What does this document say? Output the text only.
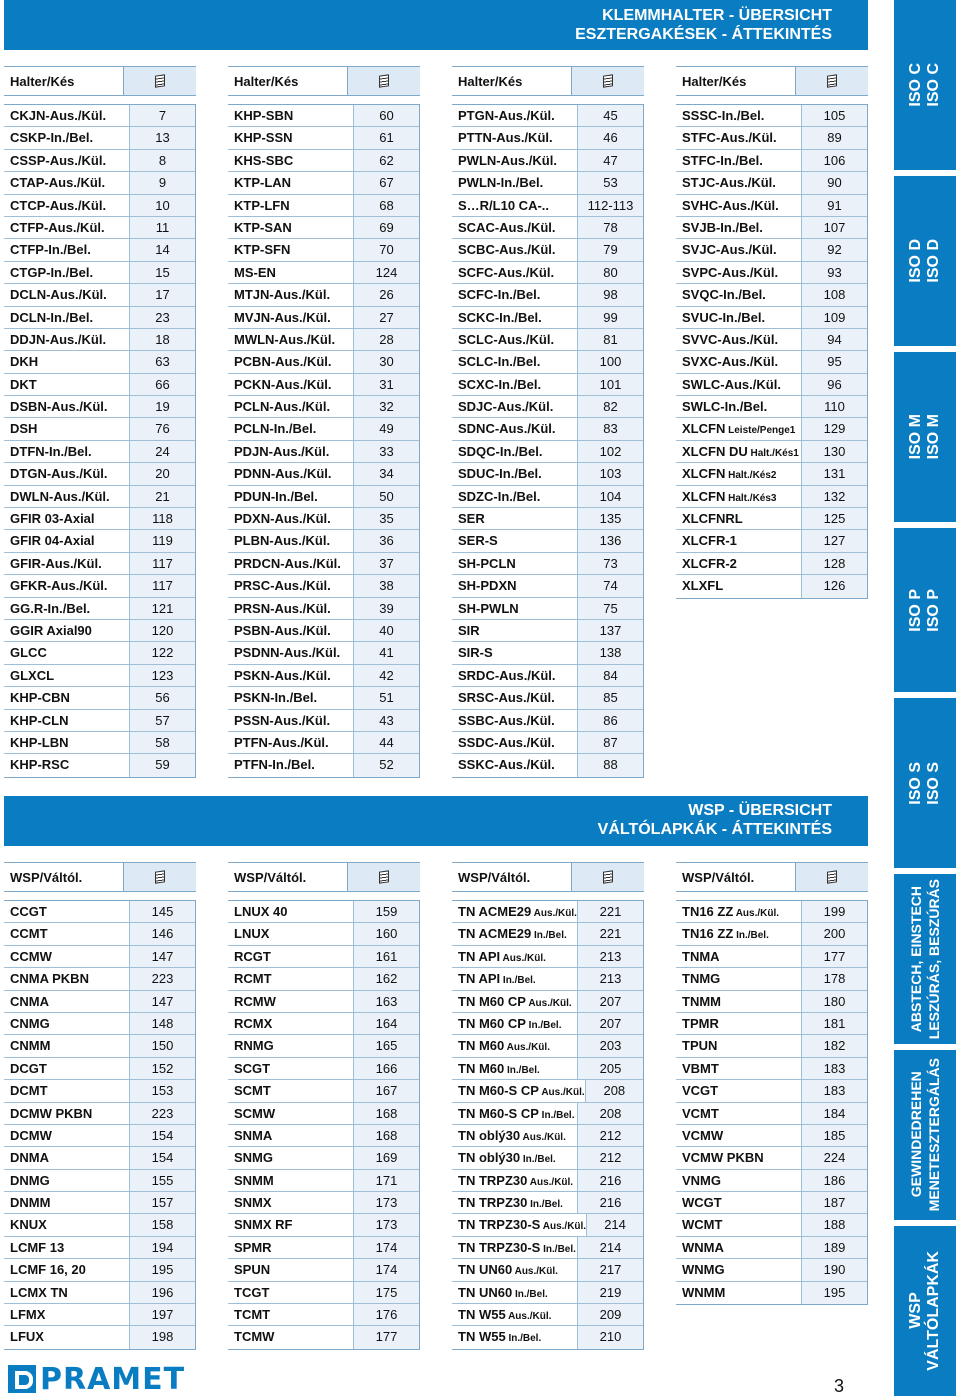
KLEMMHALTER - ÜBERSICHT
ESZTERGAKÉSEK - ÁTTEKINTÉS
WSP - ÜBERSICHT
VÁLTÓLAPKÁK - ÁTTEKINTÉS
Halter/Kés
CKJN-Aus./Kül.	7
CSKP-In./Bel.	13
CSSP-Aus./Kül.	8
CTAP-Aus./Kül.	9
CTCP-Aus./Kül.	10
CTFP-Aus./Kül.	11
CTFP-In./Bel.	14
CTGP-In./Bel.	15
DCLN-Aus./Kül.	17
DCLN-In./Bel.	23
DDJN-Aus./Kül.	18
DKH	63
DKT	66
DSBN-Aus./Kül.	19
DSH	76
DTFN-In./Bel.	24
DTGN-Aus./Kül.	20
DWLN-Aus./Kül.	21
GFIR 03-Axial	118
GFIR 04-Axial	119
GFIR-Aus./Kül.	117
GFKR-Aus./Kül.	117
GG.R-In./Bel.	121
GGIR Axial90	120
GLCC	122
GLXCL	123
KHP-CBN	56
KHP-CLN	57
KHP-LBN	58
KHP-RSC	59
Halter/Kés
KHP-SBN	60
KHP-SSN	61
KHS-SBC	62
KTP-LAN	67
KTP-LFN	68
KTP-SAN	69
KTP-SFN	70
MS-EN	124
MTJN-Aus./Kül.	26
MVJN-Aus./Kül.	27
MWLN-Aus./Kül.	28
PCBN-Aus./Kül.	30
PCKN-Aus./Kül.	31
PCLN-Aus./Kül.	32
PCLN-In./Bel.	49
PDJN-Aus./Kül.	33
PDNN-Aus./Kül.	34
PDUN-In./Bel.	50
PDXN-Aus./Kül.	35
PLBN-Aus./Kül.	36
PRDCN-Aus./Kül.	37
PRSC-Aus./Kül.	38
PRSN-Aus./Kül.	39
PSBN-Aus./Kül.	40
PSDNN-Aus./Kül.	41
PSKN-Aus./Kül.	42
PSKN-In./Bel.	51
PSSN-Aus./Kül.	43
PTFN-Aus./Kül.	44
PTFN-In./Bel.	52
Halter/Kés
PTGN-Aus./Kül.	45
PTTN-Aus./Kül.	46
PWLN-Aus./Kül.	47
PWLN-In./Bel.	53
S…R/L10 CA-..	112-113
SCAC-Aus./Kül.	78
SCBC-Aus./Kül.	79
SCFC-Aus./Kül.	80
SCFC-In./Bel.	98
SCKC-In./Bel.	99
SCLC-Aus./Kül.	81
SCLC-In./Bel.	100
SCXC-In./Bel.	101
SDJC-Aus./Kül.	82
SDNC-Aus./Kül.	83
SDQC-In./Bel.	102
SDUC-In./Bel.	103
SDZC-In./Bel.	104
SER	135
SER-S	136
SH-PCLN	73
SH-PDXN	74
SH-PWLN	75
SIR	137
SIR-S	138
SRDC-Aus./Kül.	84
SRSC-Aus./Kül.	85
SSBC-Aus./Kül.	86
SSDC-Aus./Kül.	87
SSKC-Aus./Kül.	88
Halter/Kés
SSSC-In./Bel.	105
STFC-Aus./Kül.	89
STFC-In./Bel.	106
STJC-Aus./Kül.	90
SVHC-Aus./Kül.	91
SVJB-In./Bel.	107
SVJC-Aus./Kül.	92
SVPC-Aus./Kül.	93
SVQC-In./Bel.	108
SVUC-In./Bel.	109
SVVC-Aus./Kül.	94
SVXC-Aus./Kül.	95
SWLC-Aus./Kül.	96
SWLC-In./Bel.	110
XLCFN Leiste/Penge1	129
XLCFN DU Halt./Kés1	130
XLCFN Halt./Kés2	131
XLCFN Halt./Kés3	132
XLCFNRL	125
XLCFR-1	127
XLCFR-2	128
XLXFL	126
WSP/Váltól.
CCGT	145
CCMT	146
CCMW	147
CNMA PKBN	223
CNMA	147
CNMG	148
CNMM	150
DCGT	152
DCMT	153
DCMW PKBN	223
DCMW	154
DNMA	154
DNMG	155
DNMM	157
KNUX	158
LCMF 13	194
LCMF 16, 20	195
LCMX TN	196
LFMX	197
LFUX	198
WSP/Váltól.
LNUX 40	159
LNUX	160
RCGT	161
RCMT	162
RCMW	163
RCMX	164
RNMG	165
SCGT	166
SCMT	167
SCMW	168
SNMA	168
SNMG	169
SNMM	171
SNMX	173
SNMX RF	173
SPMR	174
SPUN	174
TCGT	175
TCMT	176
TCMW	177
WSP/Váltól.
TN ACME29 Aus./Kül.	221
TN ACME29 In./Bel.	221
TN API Aus./Kül.	213
TN API In./Bel.	213
TN M60 CP Aus./Kül.	207
TN M60 CP In./Bel.	207
TN M60 Aus./Kül.	203
TN M60 In./Bel.	205
TN M60-S CP Aus./Kül.	208
TN M60-S CP In./Bel.	208
TN oblý30 Aus./Kül.	212
TN oblý30 In./Bel.	212
TN TRPZ30 Aus./Kül.	216
TN TRPZ30 In./Bel.	216
TN TRPZ30-S Aus./Kül.	214
TN TRPZ30-S In./Bel.	214
TN UN60 Aus./Kül.	217
TN UN60 In./Bel.	219
TN W55 Aus./Kül.	209
TN W55 In./Bel.	210
WSP/Váltól.
TN16 ZZ Aus./Kül.	199
TN16 ZZ In./Bel.	200
TNMA	177
TNMG	178
TNMM	180
TPMR	181
TPUN	182
VBMT	183
VCGT	183
VCMT	184
VCMW	185
VCMW PKBN	224
VNMG	186
WCGT	187
WCMT	188
WNMA	189
WNMG	190
WNMM	195
ISO C ISO C
ISO D ISO D
ISO M ISO M
ISO P ISO P
ISO S ISO S
ABSTECH, EINSTECH LESZÚRÁS, BESZÚRÁS
GEWINDEDREHEN MENETESZTERGÁLÁS
WSP VÁLTÓLAPKÁK
PRAMET	3
